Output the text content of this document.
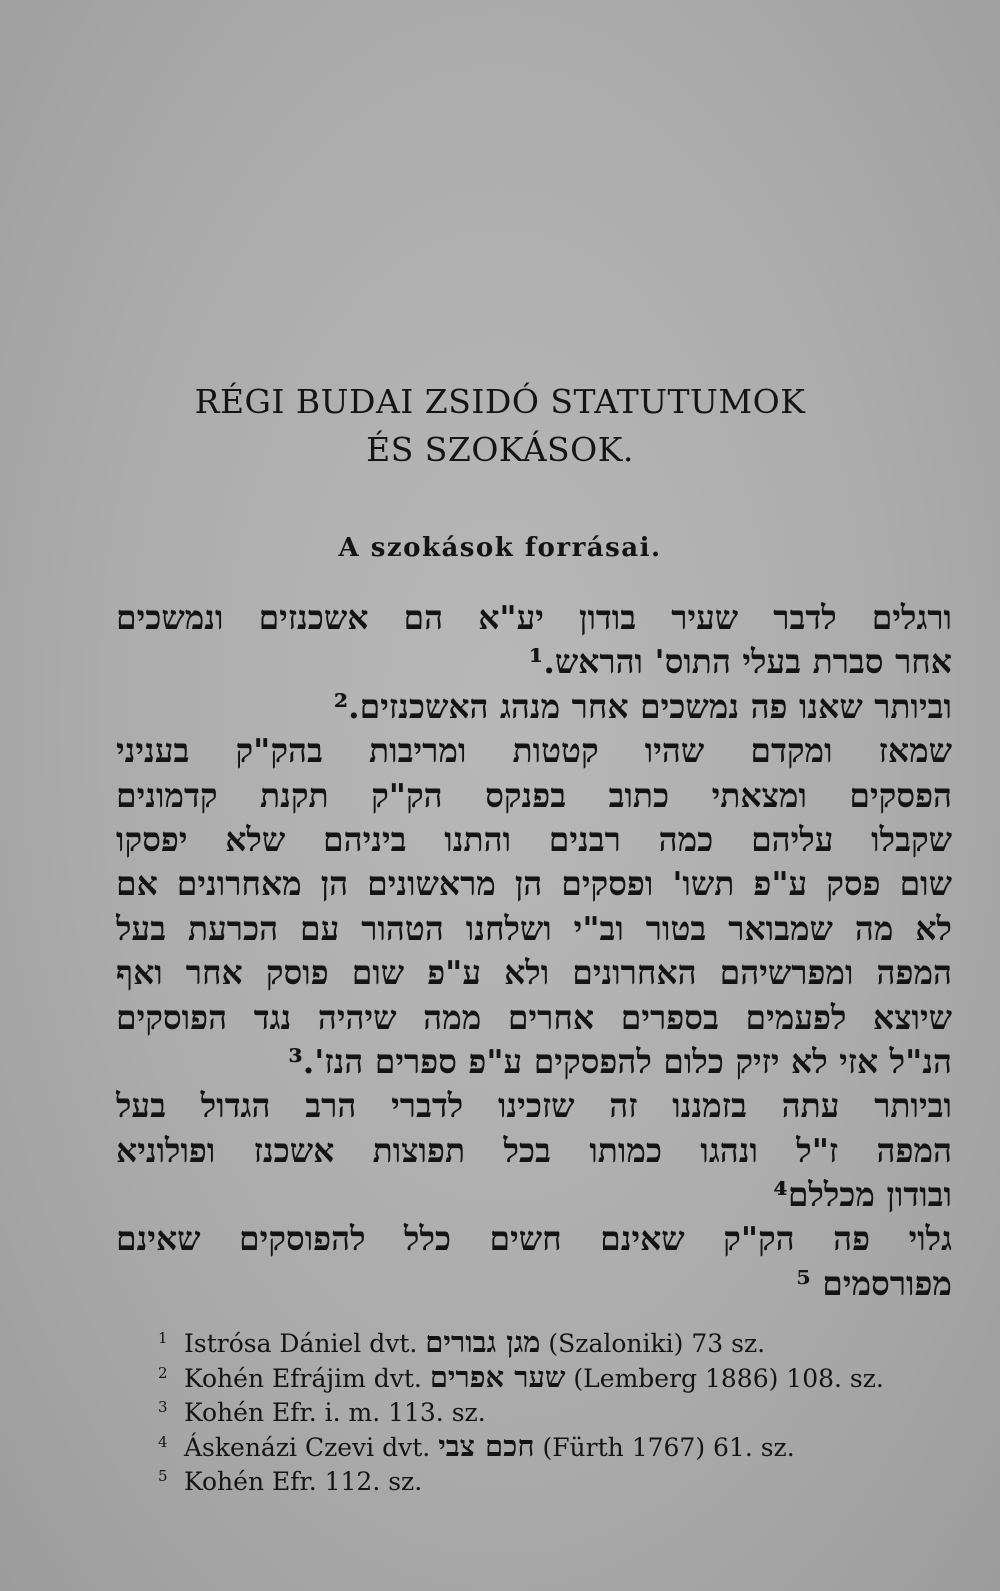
RÉGI BUDAI ZSIDÓ STATUTUMOK
ÉS SZOKÁSOK.
A szokások forrásai.
ורגלים לדבר שעיר בודון יע"א הם אשכנזים ונמשכים
אחר סברת בעלי התוס' והראש.¹
וביותר שאנו פה נמשכים אחר מנהג האשכנזים.²
שמאז ומקדם שהיו קטטות ומריבות בהק"ק בעניני
הפסקים ומצאתי כתוב בפנקס הק"ק תקנת קדמונים
שקבלו עליהם כמה רבנים והתנו ביניהם שלא יפסקו
שום פסק ע"פ תשו' ופסקים הן מראשונים הן מאחרונים אם
לא מה שמבואר בטור וב"י ושלחנו הטהור עם הכרעת בעל
המפה ומפרשיהם האחרונים ולא ע"פ שום פוסק אחר ואף
שיוצא לפעמים בספרים אחרים ממה שיהיה נגד הפוסקים
הנ"ל אזי לא יזיק כלום להפסקים ע"פ ספרים הנז'.³
וביותר עתה בזמננו זה שזכינו לדברי הרב הגדול בעל
המפה ז"ל ונהגו כמותו בכל תפוצות אשכנז ופולוניא
ובודון מכללם⁴
גלוי פה הק"ק שאינם חשים כלל להפוסקים שאינם
מפורסמים ⁵
1 Istrósa Dániel dvt. מגן גבורים (Szaloniki) 73 sz.
2 Kohén Efrájim dvt. שער אפרים (Lemberg 1886) 108. sz.
3 Kohén Efr. i. m. 113. sz.
4 Áskenázi Czevi dvt. חכם צבי (Fürth 1767) 61. sz.
5 Kohén Efr. 112. sz.
